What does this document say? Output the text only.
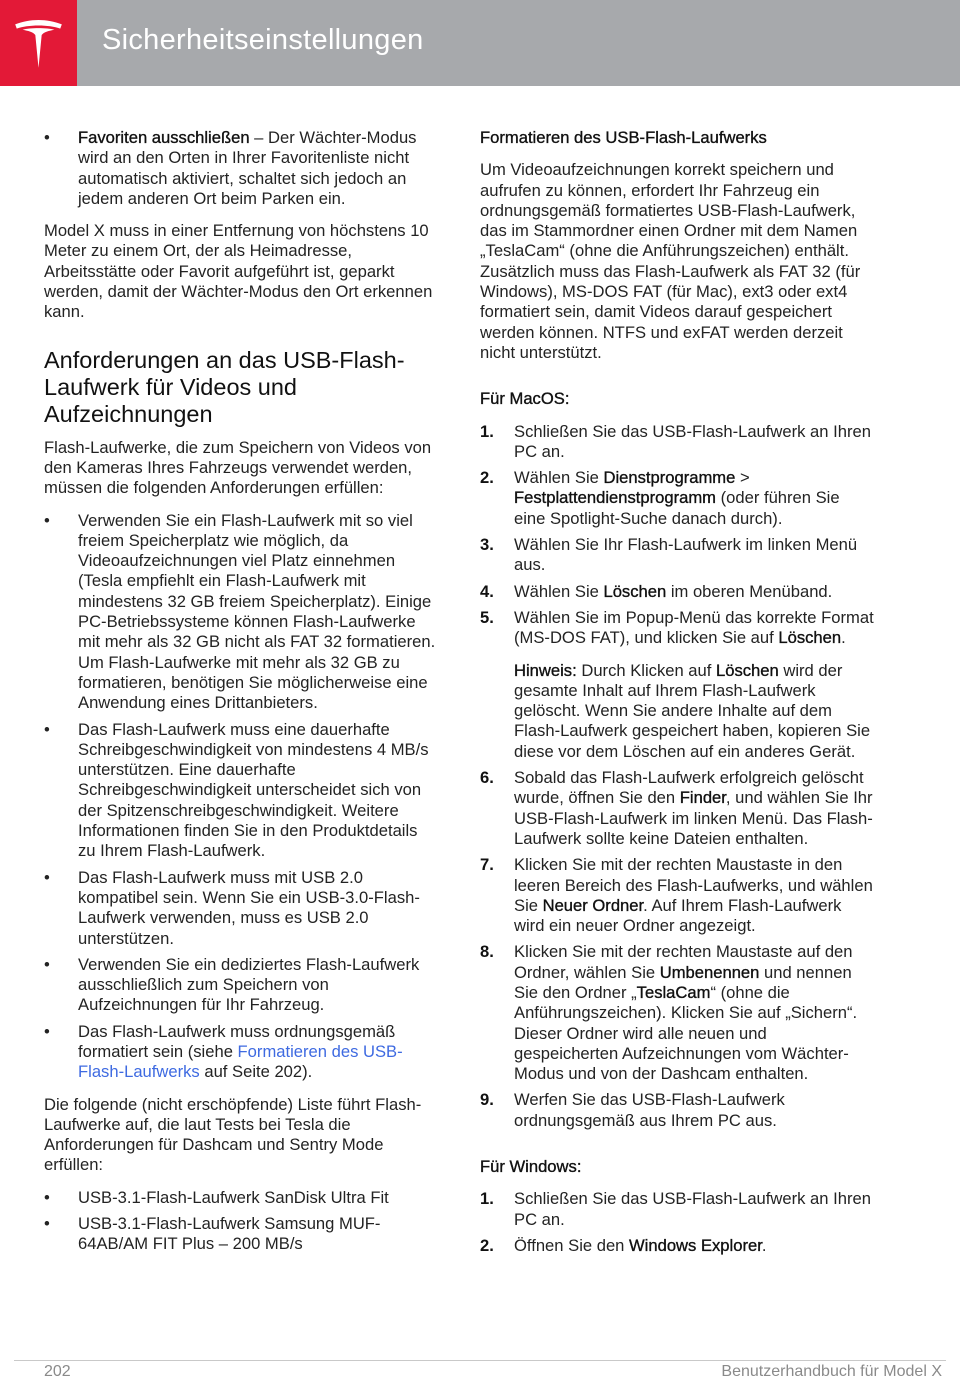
Sicherheitseinstellungen
• Favoriten ausschließen – Der Wächter-Modus wird an den Orten in Ihrer Favoritenliste nicht automatisch aktiviert, schaltet sich jedoch an jedem anderen Ort beim Parken ein.

Model X muss in einer Entfernung von höchstens 10 Meter zu einem Ort, der als Heimadresse, Arbeitsstätte oder Favorit aufgeführt ist, geparkt werden, damit der Wächter-Modus den Ort erkennen kann.

Anforderungen an das USB-Flash-Laufwerk für Videos und Aufzeichnungen

Flash-Laufwerke, die zum Speichern von Videos von den Kameras Ihres Fahrzeugs verwendet werden, müssen die folgenden Anforderungen erfüllen:

• Verwenden Sie ein Flash-Laufwerk mit so viel freiem Speicherplatz wie möglich, da Videoaufzeichnungen viel Platz einnehmen (Tesla empfiehlt ein Flash-Laufwerk mit mindestens 32 GB freiem Speicherplatz). Einige PC-Betriebssysteme können Flash-Laufwerke mit mehr als 32 GB nicht als FAT 32 formatieren. Um Flash-Laufwerke mit mehr als 32 GB zu formatieren, benötigen Sie möglicherweise eine Anwendung eines Drittanbieters.
• Das Flash-Laufwerk muss eine dauerhafte Schreibgeschwindigkeit von mindestens 4 MB/s unterstützen. Eine dauerhafte Schreibgeschwindigkeit unterscheidet sich von der Spitzenschreibgeschwindigkeit. Weitere Informationen finden Sie in den Produktdetails zu Ihrem Flash-Laufwerk.
• Das Flash-Laufwerk muss mit USB 2.0 kompatibel sein. Wenn Sie ein USB-3.0-Flash-Laufwerk verwenden, muss es USB 2.0 unterstützen.
• Verwenden Sie ein dediziertes Flash-Laufwerk ausschließlich zum Speichern von Aufzeichnungen für Ihr Fahrzeug.
• Das Flash-Laufwerk muss ordnungsgemäß formatiert sein (siehe Formatieren des USB-Flash-Laufwerks auf Seite 202).

Die folgende (nicht erschöpfende) Liste führt Flash-Laufwerke auf, die laut Tests bei Tesla die Anforderungen für Dashcam und Sentry Mode erfüllen:

• USB-3.1-Flash-Laufwerk SanDisk Ultra Fit
• USB-3.1-Flash-Laufwerk Samsung MUF-64AB/AM FIT Plus – 200 MB/s
Formatieren des USB-Flash-Laufwerks

Um Videoaufzeichnungen korrekt speichern und aufrufen zu können, erfordert Ihr Fahrzeug ein ordnungsgemäß formatiertes USB-Flash-Laufwerk, das im Stammordner einen Ordner mit dem Namen „TeslaCam“ (ohne die Anführungszeichen) enthält. Zusätzlich muss das Flash-Laufwerk als FAT 32 (für Windows), MS-DOS FAT (für Mac), ext3 oder ext4 formatiert sein, damit Videos darauf gespeichert werden können. NTFS und exFAT werden derzeit nicht unterstützt.

Für MacOS:
1. Schließen Sie das USB-Flash-Laufwerk an Ihren PC an.
2. Wählen Sie Dienstprogramme > Festplattendienstprogramm (oder führen Sie eine Spotlight-Suche danach durch).
3. Wählen Sie Ihr Flash-Laufwerk im linken Menü aus.
4. Wählen Sie Löschen im oberen Menüband.
5. Wählen Sie im Popup-Menü das korrekte Format (MS-DOS FAT), und klicken Sie auf Löschen.
Hinweis: Durch Klicken auf Löschen wird der gesamte Inhalt auf Ihrem Flash-Laufwerk gelöscht. Wenn Sie andere Inhalte auf dem Flash-Laufwerk gespeichert haben, kopieren Sie diese vor dem Löschen auf ein anderes Gerät.
6. Sobald das Flash-Laufwerk erfolgreich gelöscht wurde, öffnen Sie den Finder, und wählen Sie Ihr USB-Flash-Laufwerk im linken Menü. Das Flash-Laufwerk sollte keine Dateien enthalten.
7. Klicken Sie mit der rechten Maustaste in den leeren Bereich des Flash-Laufwerks, und wählen Sie Neuer Ordner. Auf Ihrem Flash-Laufwerk wird ein neuer Ordner angezeigt.
8. Klicken Sie mit der rechten Maustaste auf den Ordner, wählen Sie Umbenennen und nennen Sie den Ordner „TeslaCam“ (ohne die Anführungszeichen). Klicken Sie auf „Sichern“. Dieser Ordner wird alle neuen und gespeicherten Aufzeichnungen vom Wächter-Modus und von der Dashcam enthalten.
9. Werfen Sie das USB-Flash-Laufwerk ordnungsgemäß aus Ihrem PC aus.
Für Windows:
1. Schließen Sie das USB-Flash-Laufwerk an Ihren PC an.
2. Öffnen Sie den Windows Explorer.
202	Benutzerhandbuch für Model X
